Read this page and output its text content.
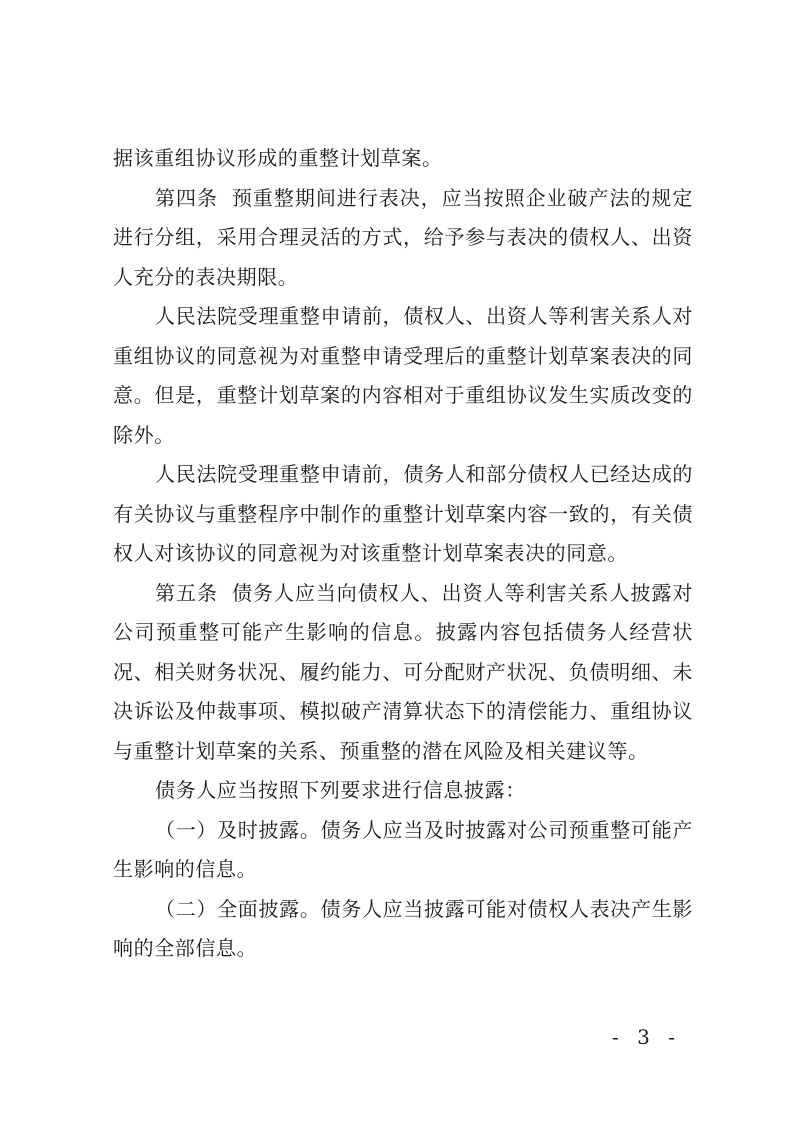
据该重组协议形成的重整计划草案。

第四条 预重整期间进行表决，应当按照企业破产法的规定进行分组，采用合理灵活的方式，给予参与表决的债权人、出资人充分的表决期限。

人民法院受理重整申请前，债权人、出资人等利害关系人对重组协议的同意视为对重整申请受理后的重整计划草案表决的同意。但是，重整计划草案的内容相对于重组协议发生实质改变的除外。

人民法院受理重整申请前，债务人和部分债权人已经达成的有关协议与重整程序中制作的重整计划草案内容一致的，有关债权人对该协议的同意视为对该重整计划草案表决的同意。

第五条 债务人应当向债权人、出资人等利害关系人披露对公司预重整可能产生影响的信息。披露内容包括债务人经营状况、相关财务状况、履约能力、可分配财产状况、负债明细、未决诉讼及仲裁事项、模拟破产清算状态下的清偿能力、重组协议与重整计划草案的关系、预重整的潜在风险及相关建议等。

债务人应当按照下列要求进行信息披露：

（一）及时披露。债务人应当及时披露对公司预重整可能产生影响的信息。

（二）全面披露。债务人应当披露可能对债权人表决产生影响的全部信息。

- 3 -
